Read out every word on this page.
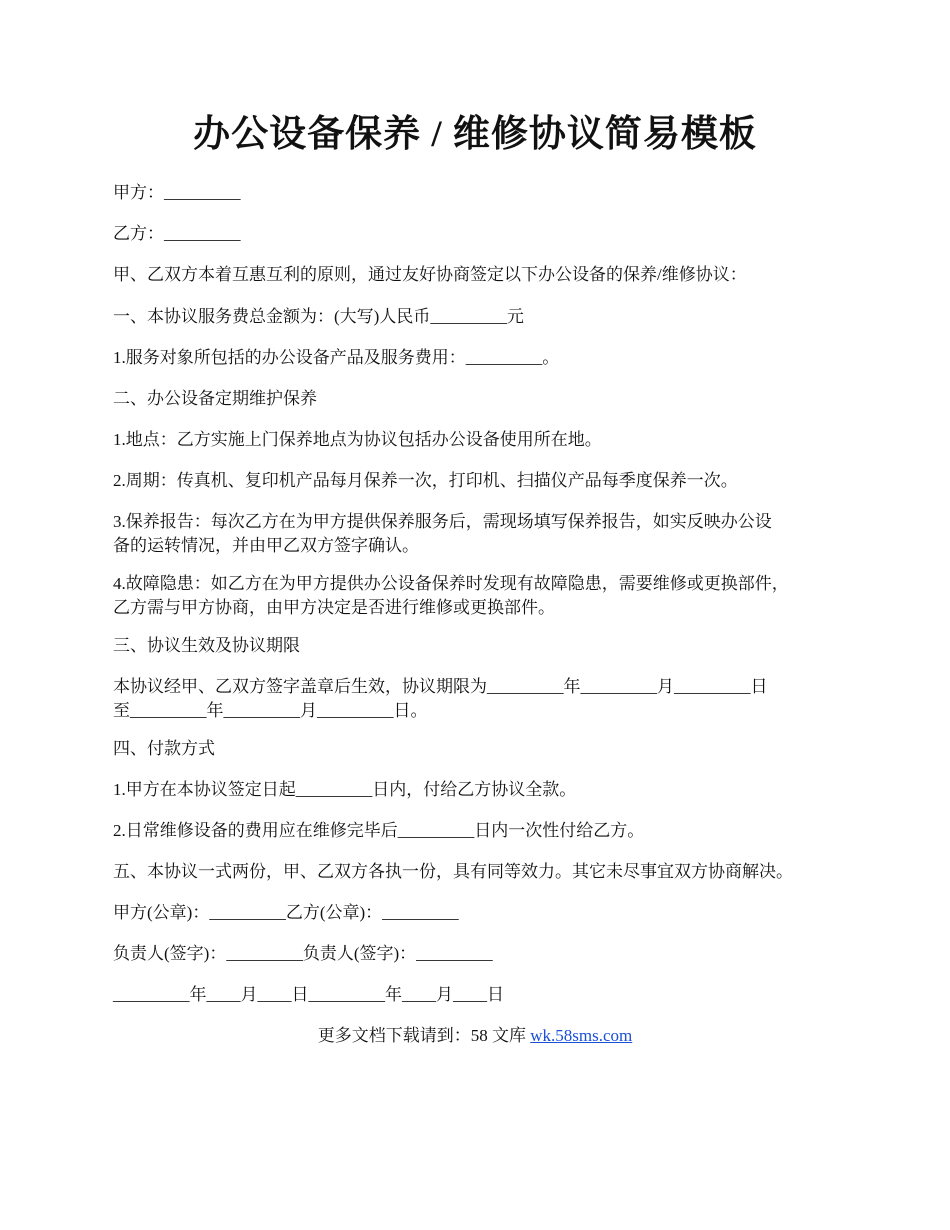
办公设备保养 / 维修协议简易模板
甲方：_________
乙方：_________
甲、乙双方本着互惠互利的原则，通过友好协商签定以下办公设备的保养/维修协议：
一、本协议服务费总金额为：(大写)人民币_________元
1.服务对象所包括的办公设备产品及服务费用：_________。
二、办公设备定期维护保养
1.地点：乙方实施上门保养地点为协议包括办公设备使用所在地。
2.周期：传真机、复印机产品每月保养一次，打印机、扫描仪产品每季度保养一次。
3.保养报告：每次乙方在为甲方提供保养服务后，需现场填写保养报告，如实反映办公设
备的运转情况，并由甲乙双方签字确认。
4.故障隐患：如乙方在为甲方提供办公设备保养时发现有故障隐患，需要维修或更换部件，
乙方需与甲方协商，由甲方决定是否进行维修或更换部件。
三、协议生效及协议期限
本协议经甲、乙双方签字盖章后生效，协议期限为_________年_________月_________日
至_________年_________月_________日。
四、付款方式
1.甲方在本协议签定日起_________日内，付给乙方协议全款。
2.日常维修设备的费用应在维修完毕后_________日内一次性付给乙方。
五、本协议一式两份，甲、乙双方各执一份，具有同等效力。其它未尽事宜双方协商解决。
甲方(公章)：_________乙方(公章)：_________
负责人(签字)：_________负责人(签字)：_________
_________年____月____日_________年____月____日
更多文档下载请到：58 文库 wk.58sms.com
